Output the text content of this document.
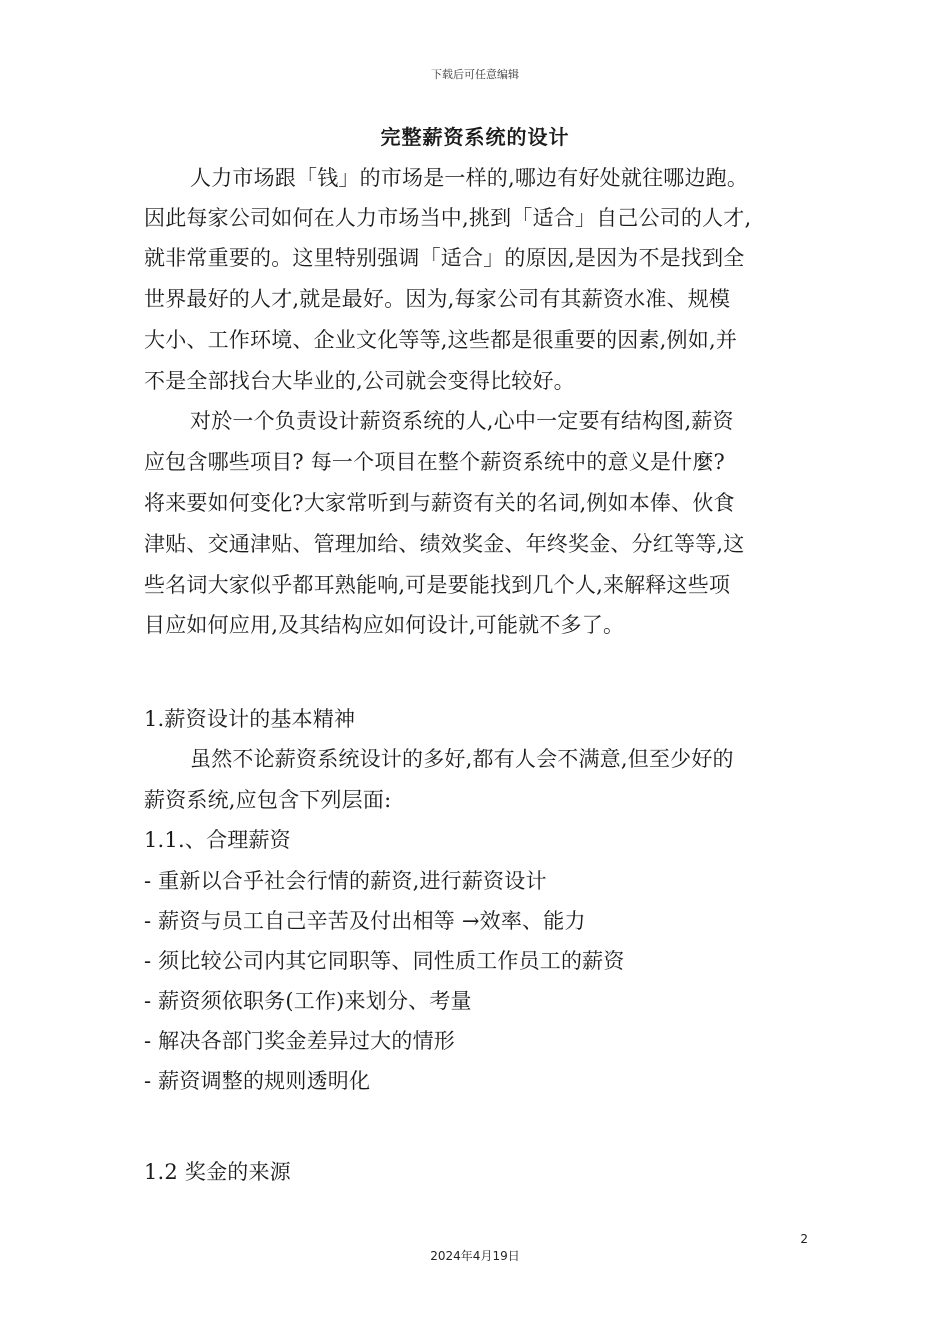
下载后可任意编辑
完整薪资系统的设计
人力市场跟「钱」的市场是一样的,哪边有好处就往哪边跑。
因此每家公司如何在人力市场当中,挑到「适合」自己公司的人才,
就非常重要的。这里特别强调「适合」的原因,是因为不是找到全
世界最好的人才,就是最好。因为,每家公司有其薪资水准、规模
大小、工作环境、企业文化等等,这些都是很重要的因素,例如,并
不是全部找台大毕业的,公司就会变得比较好。
对於一个负责设计薪资系统的人,心中一定要有结构图,薪资
应包含哪些项目? 每一个项目在整个薪资系统中的意义是什麼?
将来要如何变化?大家常听到与薪资有关的名词,例如本俸、伙食
津贴、交通津贴、管理加给、绩效奖金、年终奖金、分红等等,这
些名词大家似乎都耳熟能响,可是要能找到几个人,来解释这些项
目应如何应用,及其结构应如何设计,可能就不多了。
1.薪资设计的基本精神
虽然不论薪资系统设计的多好,都有人会不满意,但至少好的
薪资系统,应包含下列层面:
1.1.、合理薪资
- 重新以合乎社会行情的薪资,进行薪资设计
- 薪资与员工自己辛苦及付出相等 →效率、能力
- 须比较公司内其它同职等、同性质工作员工的薪资
- 薪资须依职务(工作)来划分、考量
- 解决各部门奖金差异过大的情形
- 薪资调整的规则透明化
1.2 奖金的来源
2
2024年4月19日
